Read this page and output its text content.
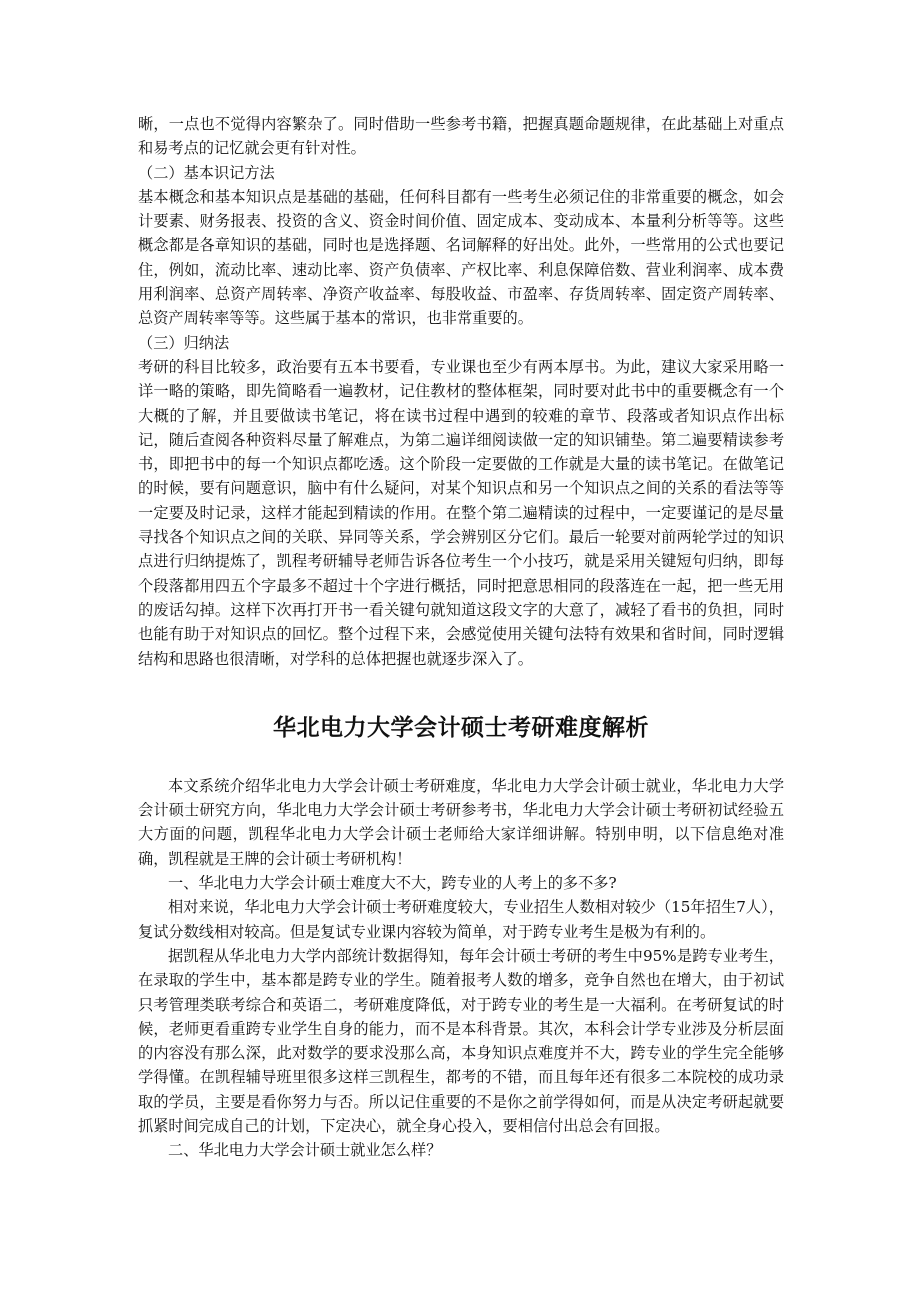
晰，一点也不觉得内容繁杂了。同时借助一些参考书籍，把握真题命题规律，在此基础上对重点和易考点的记忆就会更有针对性。

（二）基本识记方法

基本概念和基本知识点是基础的基础，任何科目都有一些考生必须记住的非常重要的概念，如会计要素、财务报表、投资的含义、资金时间价值、固定成本、变动成本、本量利分析等等。这些概念都是各章知识的基础，同时也是选择题、名词解释的好出处。此外，一些常用的公式也要记住，例如，流动比率、速动比率、资产负债率、产权比率、利息保障倍数、营业利润率、成本费用利润率、总资产周转率、净资产收益率、每股收益、市盈率、存货周转率、固定资产周转率、总资产周转率等等。这些属于基本的常识，也非常重要的。

（三）归纳法

考研的科目比较多，政治要有五本书要看，专业课也至少有两本厚书。为此，建议大家采用略一详一略的策略，即先简略看一遍教材，记住教材的整体框架，同时要对此书中的重要概念有一个大概的了解，并且要做读书笔记，将在读书过程中遇到的较难的章节、段落或者知识点作出标记，随后查阅各种资料尽量了解难点，为第二遍详细阅读做一定的知识铺垫。第二遍要精读参考书，即把书中的每一个知识点都吃透。这个阶段一定要做的工作就是大量的读书笔记。在做笔记的时候，要有问题意识，脑中有什么疑问，对某个知识点和另一个知识点之间的关系的看法等等一定要及时记录，这样才能起到精读的作用。在整个第二遍精读的过程中，一定要谨记的是尽量寻找各个知识点之间的关联、异同等关系，学会辨别区分它们。最后一轮要对前两轮学过的知识点进行归纳提炼了，凯程考研辅导老师告诉各位考生一个小技巧，就是采用关键短句归纳，即每个段落都用四五个字最多不超过十个字进行概括，同时把意思相同的段落连在一起，把一些无用的废话勾掉。这样下次再打开书一看关键句就知道这段文字的大意了，减轻了看书的负担，同时也能有助于对知识点的回忆。整个过程下来，会感觉使用关键句法特有效果和省时间，同时逻辑结构和思路也很清晰，对学科的总体把握也就逐步深入了。

华北电力大学会计硕士考研难度解析

本文系统介绍华北电力大学会计硕士考研难度，华北电力大学会计硕士就业，华北电力大学会计硕士研究方向，华北电力大学会计硕士考研参考书，华北电力大学会计硕士考研初试经验五大方面的问题，凯程华北电力大学会计硕士老师给大家详细讲解。特别申明，以下信息绝对准确，凯程就是王牌的会计硕士考研机构！

一、华北电力大学会计硕士难度大不大，跨专业的人考上的多不多?

相对来说，华北电力大学会计硕士考研难度较大，专业招生人数相对较少（15年招生7人），复试分数线相对较高。但是复试专业课内容较为简单，对于跨专业考生是极为有利的。

据凯程从华北电力大学内部统计数据得知，每年会计硕士考研的考生中95%是跨专业考生，在录取的学生中，基本都是跨专业的学生。随着报考人数的增多，竞争自然也在增大，由于初试只考管理类联考综合和英语二，考研难度降低，对于跨专业的考生是一大福利。在考研复试的时候，老师更看重跨专业学生自身的能力，而不是本科背景。其次，本科会计学专业涉及分析层面的内容没有那么深，此对数学的要求没那么高，本身知识点难度并不大，跨专业的学生完全能够学得懂。在凯程辅导班里很多这样三凯程生，都考的不错，而且每年还有很多二本院校的成功录取的学员，主要是看你努力与否。所以记住重要的不是你之前学得如何，而是从决定考研起就要抓紧时间完成自己的计划，下定决心，就全身心投入，要相信付出总会有回报。

二、华北电力大学会计硕士就业怎么样？
